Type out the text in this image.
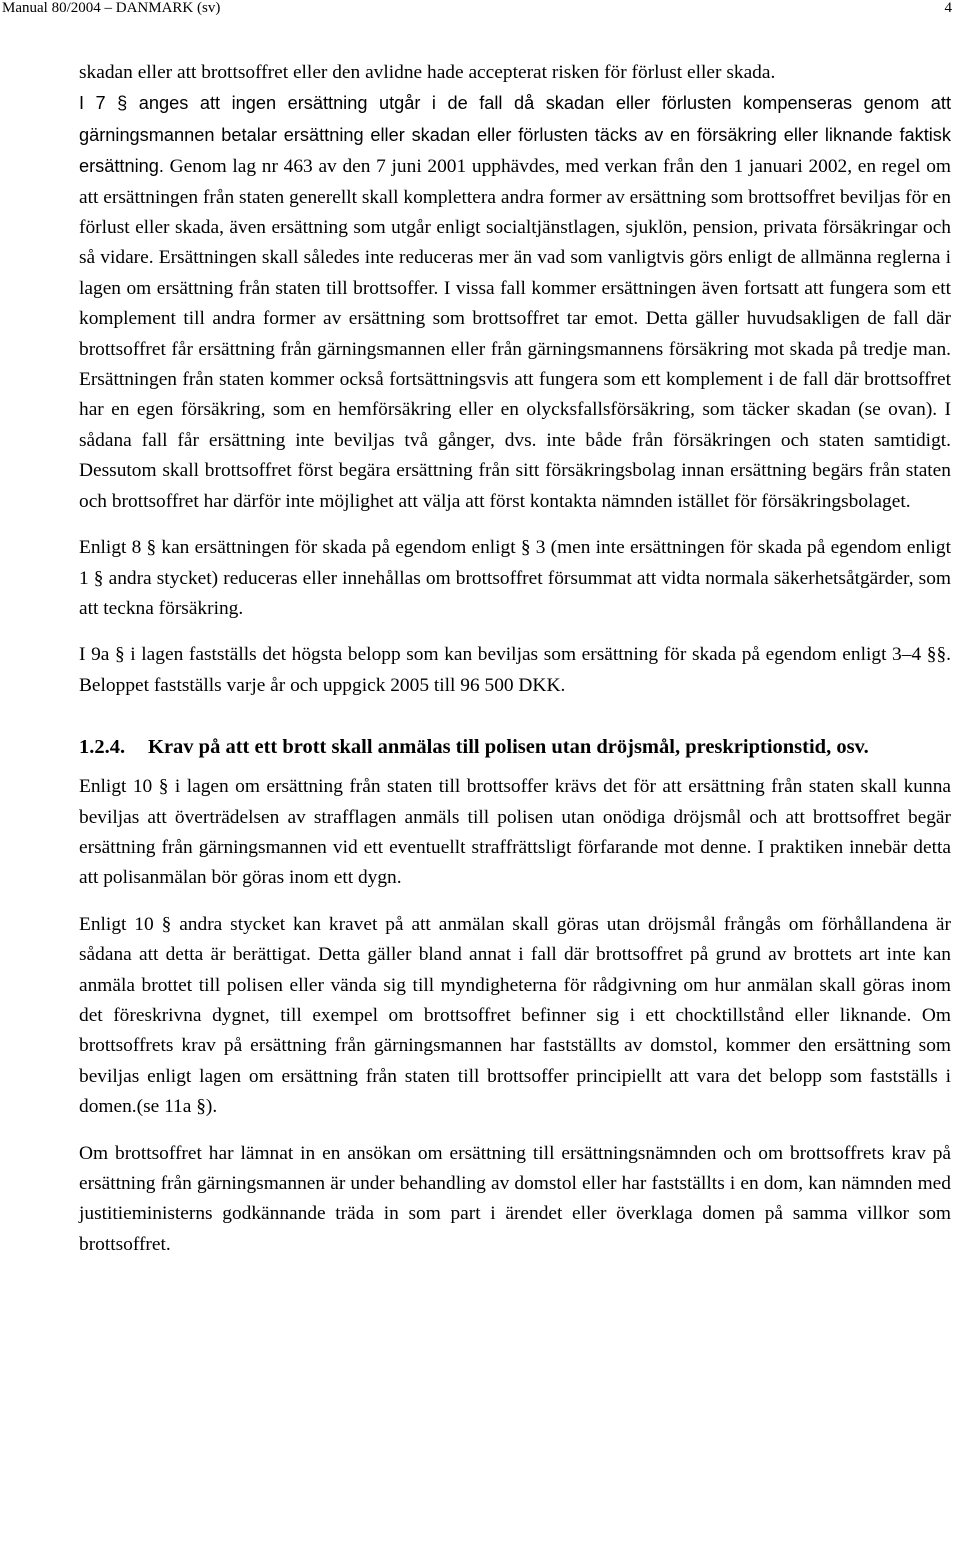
Manual 80/2004 – DANMARK (sv)	4

skadan eller att brottsoffret eller den avlidne hade accepterat risken för förlust eller skada.

I 7 § anges att ingen ersättning utgår i de fall då skadan eller förlusten kompenseras genom att gärningsmannen betalar ersättning eller skadan eller förlusten täcks av en försäkring eller liknande faktisk ersättning. Genom lag nr 463 av den 7 juni 2001 upphävdes, med verkan från den 1 januari 2002, en regel om att ersättningen från staten generellt skall komplettera andra former av ersättning som brottsoffret beviljas för en förlust eller skada, även ersättning som utgår enligt socialtjänstlagen, sjuklön, pension, privata försäkringar och så vidare. Ersättningen skall således inte reduceras mer än vad som vanligtvis görs enligt de allmänna reglerna i lagen om ersättning från staten till brottsoffer. I vissa fall kommer ersättningen även fortsatt att fungera som ett komplement till andra former av ersättning som brottsoffret tar emot. Detta gäller huvudsakligen de fall där brottsoffret får ersättning från gärningsmannen eller från gärningsmannens försäkring mot skada på tredje man. Ersättningen från staten kommer också fortsättningsvis att fungera som ett komplement i de fall där brottsoffret har en egen försäkring, som en hemförsäkring eller en olycksfallsförsäkring, som täcker skadan (se ovan). I sådana fall får ersättning inte beviljas två gånger, dvs. inte både från försäkringen och staten samtidigt. Dessutom skall brottsoffret först begära ersättning från sitt försäkringsbolag innan ersättning begärs från staten och brottsoffret har därför inte möjlighet att välja att först kontakta nämnden istället för försäkringsbolaget.

Enligt 8 § kan ersättningen för skada på egendom enligt § 3 (men inte ersättningen för skada på egendom enligt 1 § andra stycket) reduceras eller innehållas om brottsoffret försummat att vidta normala säkerhetsåtgärder, som att teckna försäkring.

I 9a § i lagen fastställs det högsta belopp som kan beviljas som ersättning för skada på egendom enligt 3–4 §§. Beloppet fastställs varje år och uppgick 2005 till 96 500 DKK.

1.2.4.	Krav på att ett brott skall anmälas till polisen utan dröjsmål, preskriptionstid, osv.

Enligt 10 § i lagen om ersättning från staten till brottsoffer krävs det för att ersättning från staten skall kunna beviljas att överträdelsen av strafflagen anmäls till polisen utan onödiga dröjsmål och att brottsoffret begär ersättning från gärningsmannen vid ett eventuellt straffrättsligt förfarande mot denne. I praktiken innebär detta att polisanmälan bör göras inom ett dygn.

Enligt 10 § andra stycket kan kravet på att anmälan skall göras utan dröjsmål frångås om förhållandena är sådana att detta är berättigat. Detta gäller bland annat i fall där brottsoffret på grund av brottets art inte kan anmäla brottet till polisen eller vända sig till myndigheterna för rådgivning om hur anmälan skall göras inom det föreskrivna dygnet, till exempel om brottsoffret befinner sig i ett chocktillstånd eller liknande. Om brottsoffrets krav på ersättning från gärningsmannen har fastställts av domstol, kommer den ersättning som beviljas enligt lagen om ersättning från staten till brottsoffer principiellt att vara det belopp som fastställs i domen.(se 11a §).

Om brottsoffret har lämnat in en ansökan om ersättning till ersättningsnämnden och om brottsoffrets krav på ersättning från gärningsmannen är under behandling av domstol eller har fastställts i en dom, kan nämnden med justitieministerns godkännande träda in som part i ärendet eller överklaga domen på samma villkor som brottsoffret.
